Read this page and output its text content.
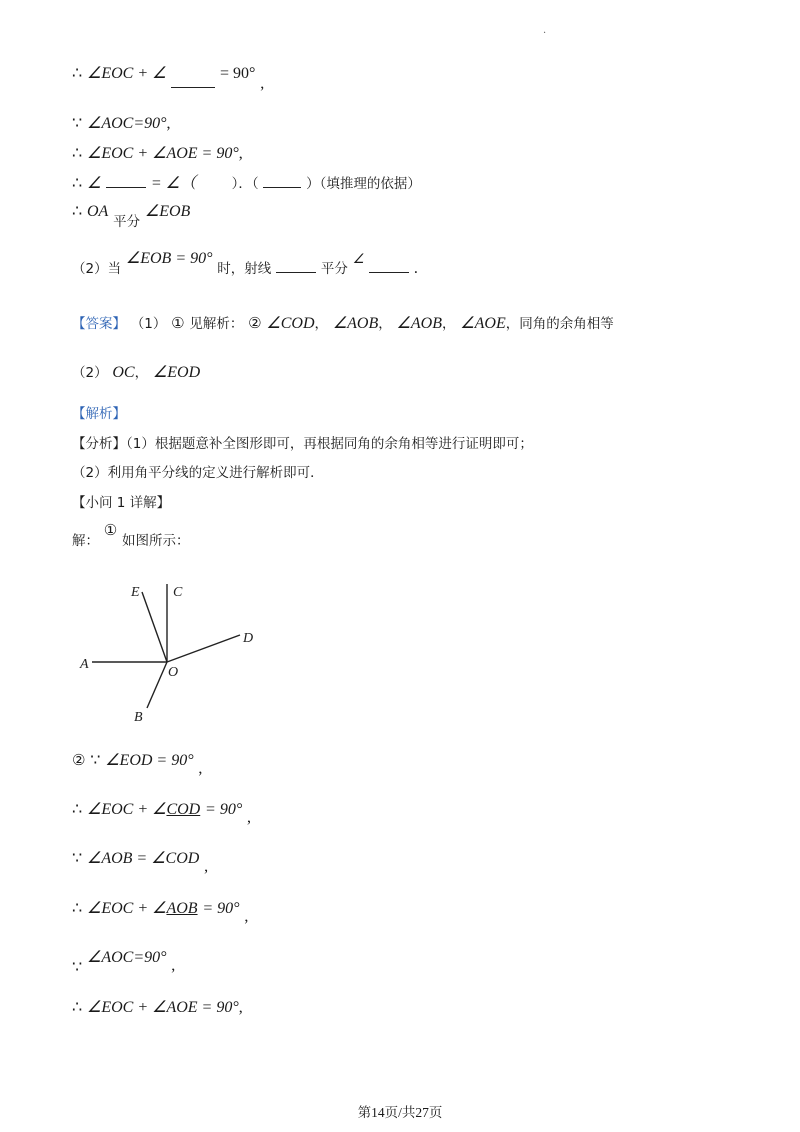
·
∴ ∠EOC + ∠	= 90° ,
∵ ∠AOC=90°,
∴ ∠EOC + ∠AOE = 90°,
∴ ∠	= ∠（	）．（	）（填推理的依据）
∴ OA 平分 ∠EOB
（2）当 ∠EOB = 90° 时，射线	平分 ∠  .
【答案】 （1） ① 见解析： ② ∠COD， ∠AOB， ∠AOB， ∠AOE，同角的余角相等
（2） OC， ∠EOD
【解析】
【分析】（1）根据题意补全图形即可，再根据同角的余角相等进行证明即可；
（2）利用角平分线的定义进行解析即可．
【小问 1 详解】
解： ① 如图所示：
E C
D
A
O
B
② ∵ ∠EOD = 90° ,
∴ ∠EOC + ∠COD = 90° ,
∵ ∠AOB = ∠COD ,
∴ ∠EOC + ∠AOB = 90° ,
∵ ∠AOC=90° ,
∴ ∠EOC + ∠AOE = 90°,
第14页/共27页
